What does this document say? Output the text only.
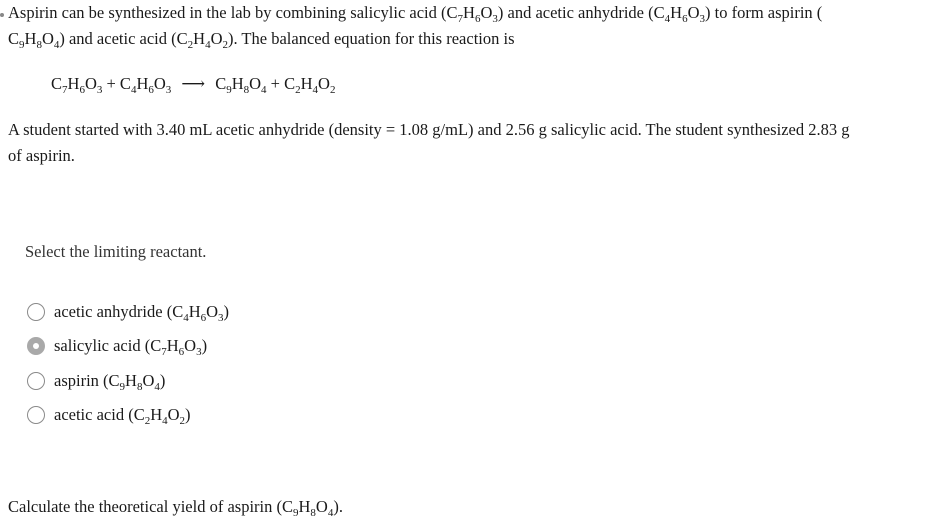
Aspirin can be synthesized in the lab by combining salicylic acid $(C_7H_6O_3)$ and acetic anhydride $(C_4H_6O_3)$ to form aspirin (
$C_9H_8O_4$) and acetic acid $(C_2H_4O_2)$. The balanced equation for this reaction is
$C_7H_6O_3 + C_4H_6O_3$ ⟶ $C_9H_8O_4 + C_2H_4O_2$
A student started with 3.40 mL acetic anhydride (density = 1.08 g/mL) and 2.56 g salicylic acid. The student synthesized 2.83 g
of aspirin.
Select the limiting reactant.
acetic anhydride $(C_4H_6O_3)$
salicylic acid $(C_7H_6O_3)$
aspirin $(C_9H_8O_4)$
acetic acid $(C_2H_4O_2)$
Calculate the theoretical yield of aspirin $(C_9H_8O_4)$.
